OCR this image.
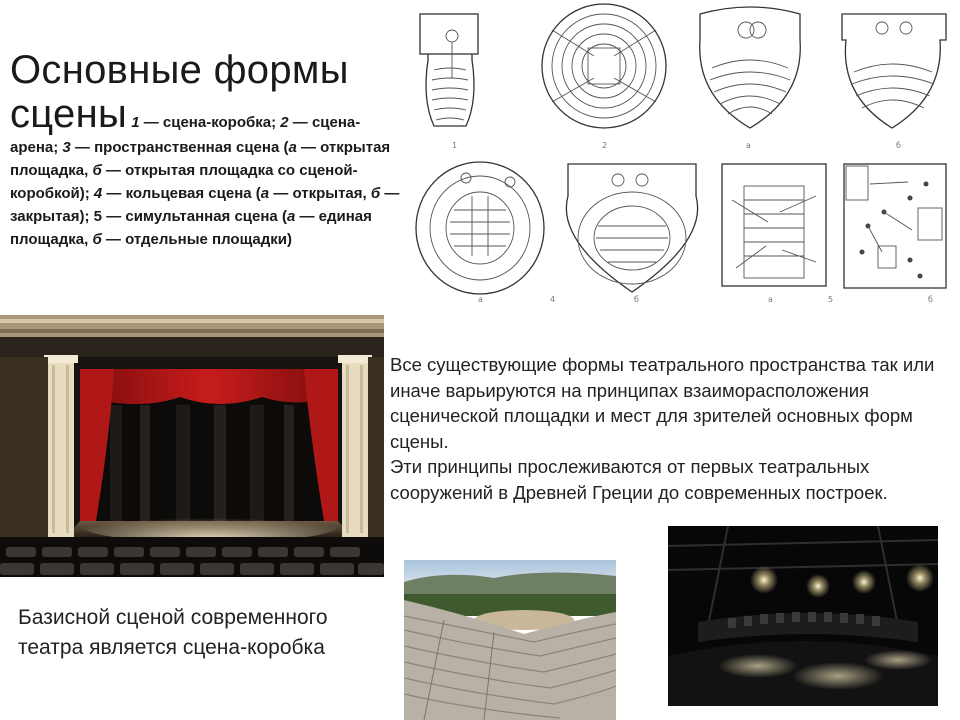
Основные формы
сцены 1 — сцена-коробка; 2 — сцена-арена; 3 — пространственная сцена (а — открытая площадка, б — открытая площадка со сценой-коробкой); 4 — кольцевая сцена (а — открытая, б — закрытая); 5 — симультанная сцена (а — единая площадка, б — отдельные площадки)
1	2	а	б
а	4	б	а	5	б

Все существующие формы театрального пространства так или иначе варьируются на принципах взаиморасположения сценической площадки и мест для зрителей основных форм сцены.

Эти принципы прослеживаются от первых театральных сооружений в Древней Греции до современных построек.

Базисной сценой современного театра является сцена-коробка
